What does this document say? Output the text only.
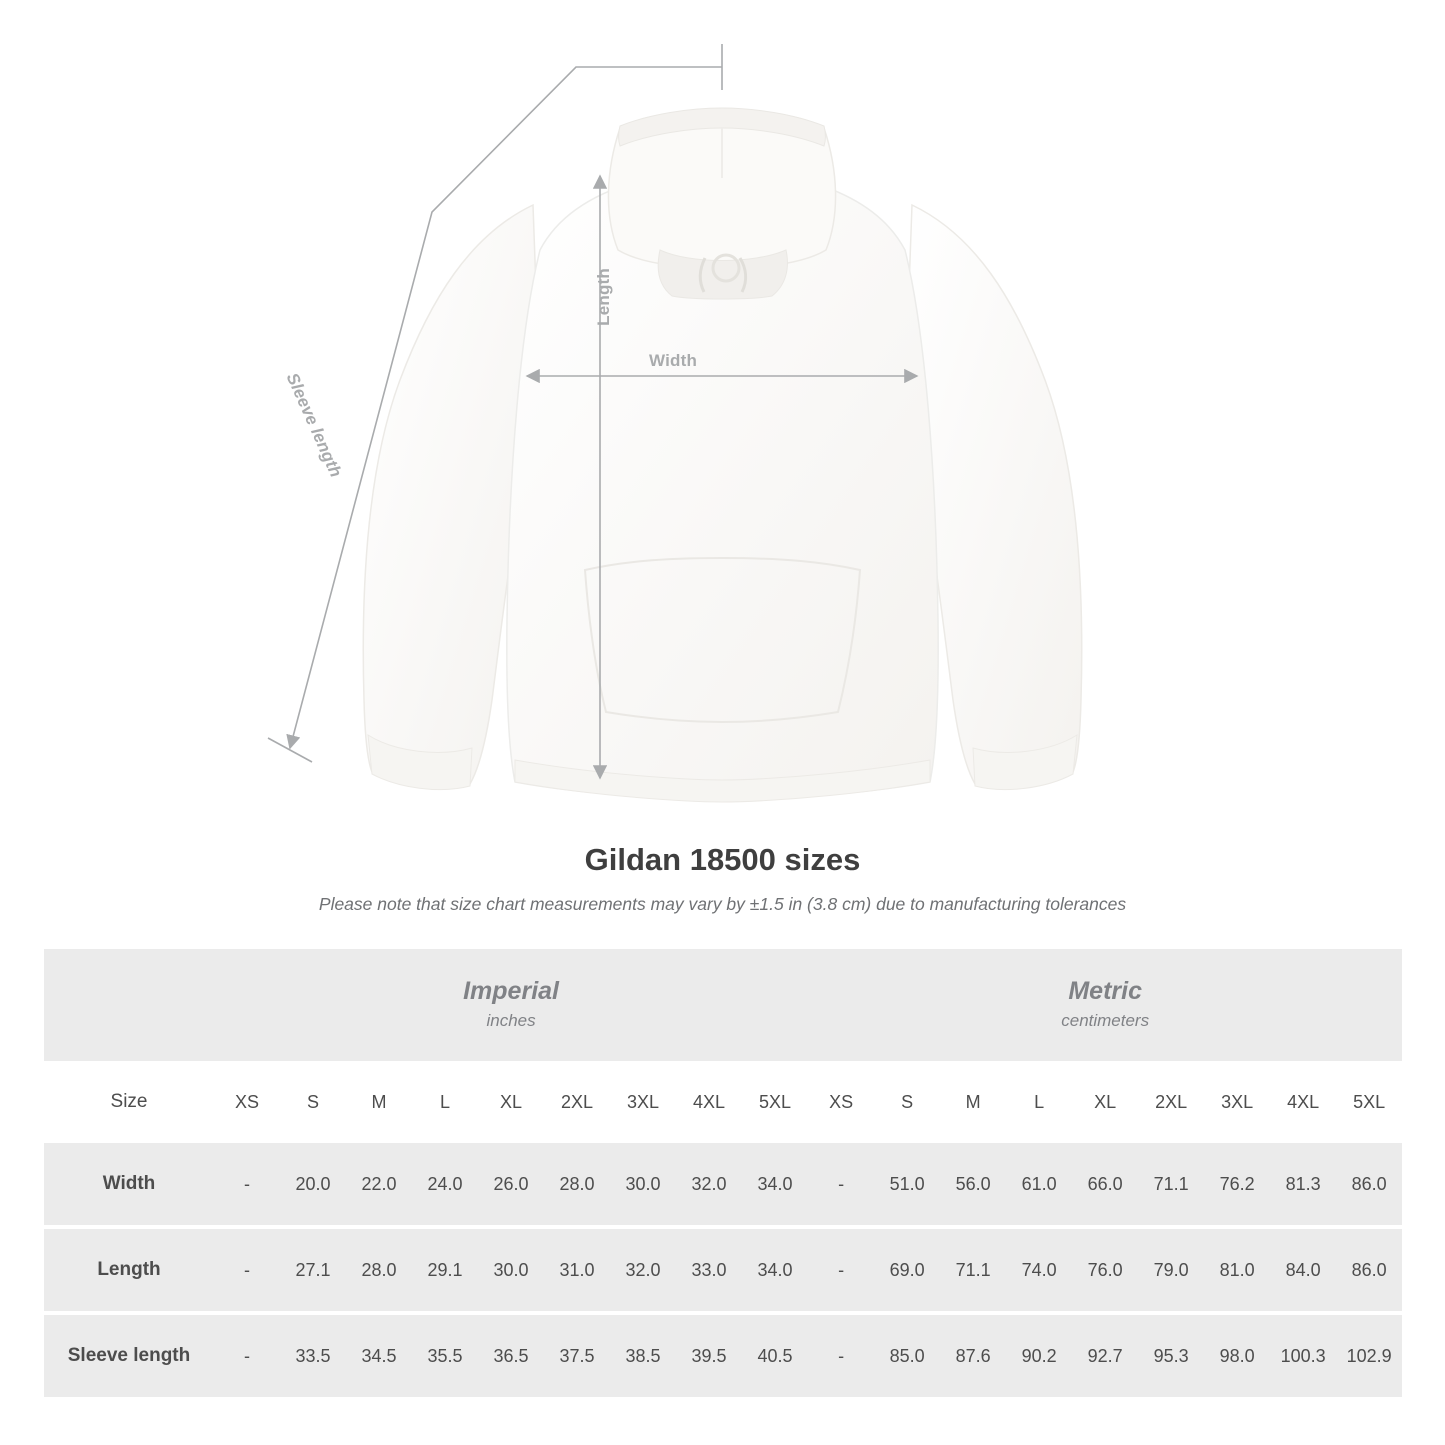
Length
Width
Sleeve length
Gildan 18500 sizes

Please note that size chart measurements may vary by ±1.5 in (3.8 cm) due to manufacturing tolerances

	Imperial
inches									Metric
centimeters								

Size	XS	S	M	L	XL	2XL	3XL	4XL	5XL	XS	S	M	L	XL	2XL	3XL	4XL	5XL
Width	-	20.0	22.0	24.0	26.0	28.0	30.0	32.0	34.0	-	51.0	56.0	61.0	66.0	71.1	76.2	81.3	86.0

Length	-	27.1	28.0	29.1	30.0	31.0	32.0	33.0	34.0	-	69.0	71.1	74.0	76.0	79.0	81.0	84.0	86.0

Sleeve length	-	33.5	34.5	35.5	36.5	37.5	38.5	39.5	40.5	-	85.0	87.6	90.2	92.7	95.3	98.0	100.3	102.9
